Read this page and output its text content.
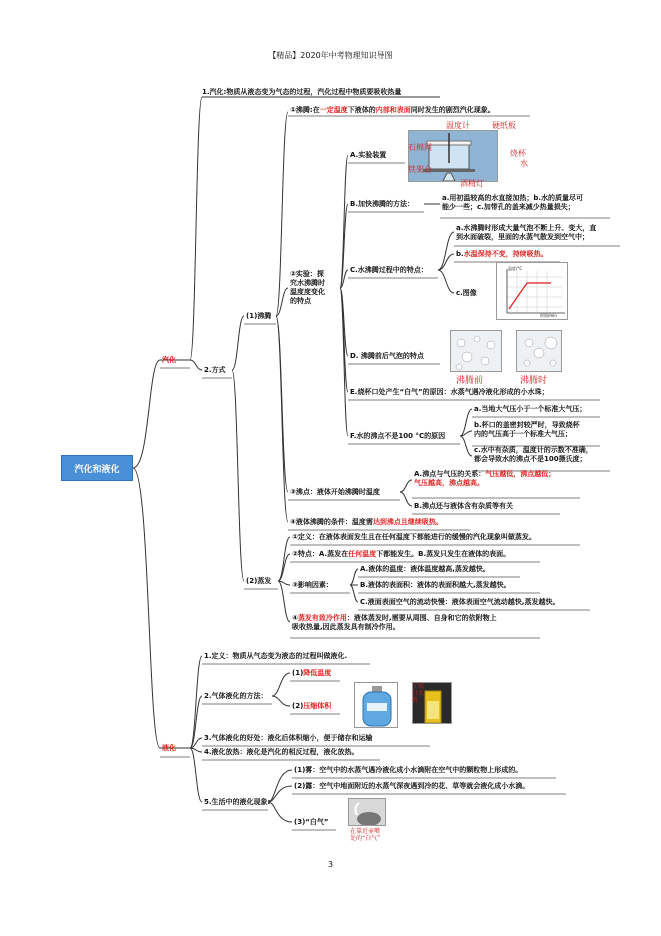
【精品】2020年中考物理知识导图
汽化和液化
汽化
1.汽化:物质从液态变为气态的过程，汽化过程中物质要吸收热量
2.方式
(1)沸腾
①沸腾:在一定温度下液体的内部和表面同时发生的剧烈汽化现象。
②实验：探
究水沸腾时
温度度变化
的特点
A.实验装置
温度计	硬纸板
石棉网
烧杯
水
铁架台
酒精灯
B.加快沸腾的方法：
a.用初温较高的水直接加热；b.水的质量尽可
能少一些；c.加带孔的盖来减少热量损失；
C.水沸腾过程中的特点：
a.水沸腾时形成大量气泡不断上升、变大，直
到水面破裂，里面的水蒸气散发到空气中；
b.水温保持不变，持续吸热。
c.图像
温度/°C
时间/min
D. 沸腾前后气泡的特点
沸腾前	沸腾时
E.烧杯口处产生“白气”的原因：水蒸气遇冷液化形成的小水珠；
F.水的沸点不是100 °C的原因
a.当地大气压小于一个标准大气压；
b.杯口的盖密封较严时，导致烧杯
内的气压高于一个标准大气压；
c.水中有杂质，温度计的示数不准确，
都会导致水的沸点不是100摄氏度；
③沸点：液体开始沸腾时温度
A.沸点与气压的关系：气压越低，沸点越低；
气压越高，沸点越高。
B.沸点还与液体含有杂质等有关
④液体沸腾的条件：温度需达到沸点且继续吸热。
(2)蒸发
①定义：在液体表面发生且在任何温度下都能进行的缓慢的汽化现象叫做蒸发。
②特点：A.蒸发在任何温度下都能发生。B.蒸发只发生在液体的表面。
③影响因素：
A.液体的温度：液体温度越高,蒸发越快。
B.液体的表面积：液体的表面积越大,蒸发越快。
C.液面表面空气的流动快慢：液体表面空气流动越快,蒸发越快。
④蒸发有致冷作用：液体蒸发时,需要从周围、自身和它的依附物上
吸收热量,因此蒸发具有制冷作用。
液化
1.定义：物质从气态变为液态的过程叫做液化.
2.气体液化的方法：
(1)降低温度
(2)压缩体积
丁烷打火机
3.气体液化的好处：液化后体积缩小，便于储存和运输
4.液化放热：液化是汽化的相反过程，液化放热。
5.生活中的液化现象:
(1)雾：空气中的水蒸气遇冷液化成小水滴附在空气中的颗粒物上形成的。
(2)露：空气中地面附近的水蒸气深夜遇到冷的花、草等就会液化成小水滴。
(3)“白气”
在靠近壶嘴
处的“白气”
3
